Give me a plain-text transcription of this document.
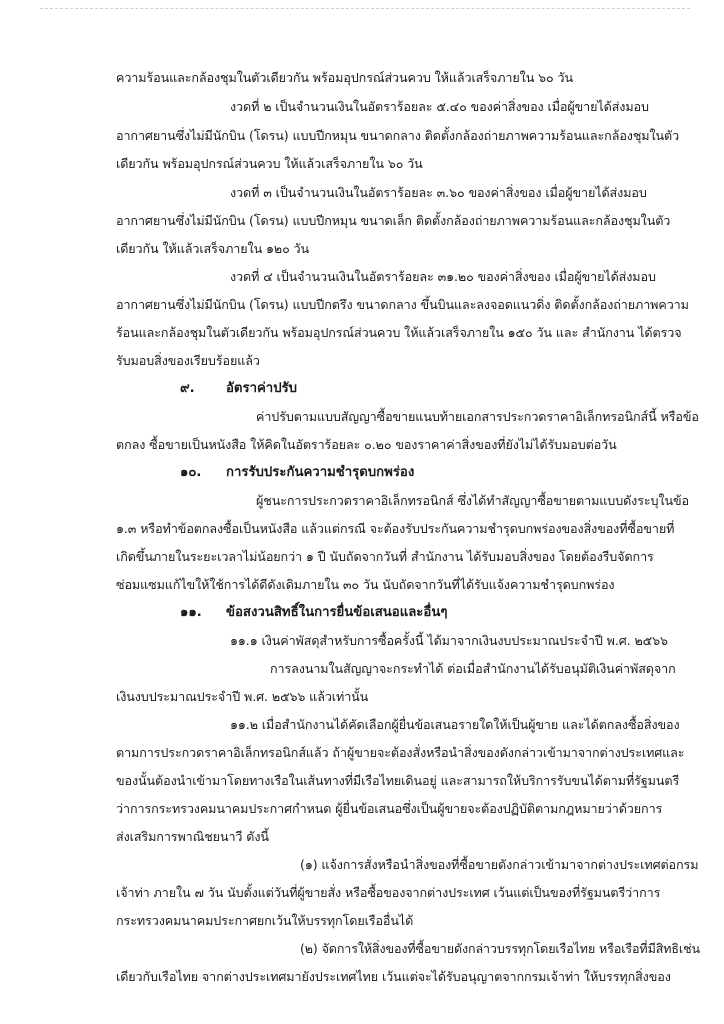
ความร้อนและกล้องชุมในตัวเดียวกัน พร้อมอุปกรณ์ส่วนควบ ให้แล้วเสร็จภายใน ๖๐ วัน
งวดที่ ๒ เป็นจำนวนเงินในอัตราร้อยละ ๕.๔๐ ของค่าสิ่งของ เมื่อผู้ขายได้ส่งมอบ
อากาศยานซึ่งไม่มีนักบิน (โดรน) แบบปีกหมุน ขนาดกลาง ติดตั้งกล้องถ่ายภาพความร้อนและกล้องชุมในตัว
เดียวกัน พร้อมอุปกรณ์ส่วนควบ ให้แล้วเสร็จภายใน ๖๐ วัน
งวดที่ ๓ เป็นจำนวนเงินในอัตราร้อยละ ๓.๖๐ ของค่าสิ่งของ เมื่อผู้ขายได้ส่งมอบ
อากาศยานซึ่งไม่มีนักบิน (โดรน) แบบปีกหมุน ขนาดเล็ก ติดตั้งกล้องถ่ายภาพความร้อนและกล้องชุมในตัว
เดียวกัน ให้แล้วเสร็จภายใน ๑๒๐ วัน
งวดที่ ๔ เป็นจำนวนเงินในอัตราร้อยละ ๓๑.๒๐ ของค่าสิ่งของ เมื่อผู้ขายได้ส่งมอบ
อากาศยานซึ่งไม่มีนักบิน (โดรน) แบบปีกตรึง ขนาดกลาง ขึ้นบินและลงจอดแนวดิ่ง ติดตั้งกล้องถ่ายภาพความ
ร้อนและกล้องชุมในตัวเดียวกัน พร้อมอุปกรณ์ส่วนควบ ให้แล้วเสร็จภายใน ๑๕๐ วัน และ สำนักงาน ได้ตรวจ
รับมอบสิ่งของเรียบร้อยแล้ว
๙. อัตราค่าปรับ
ค่าปรับตามแบบสัญญาซื้อขายแนบท้ายเอกสารประกวดราคาอิเล็กทรอนิกส์นี้ หรือข้อ
ตกลง ซื้อขายเป็นหนังสือ ให้คิดในอัตราร้อยละ ๐.๒๐ ของราคาค่าสิ่งของที่ยังไม่ได้รับมอบต่อวัน
๑๐. การรับประกันความชำรุดบกพร่อง
ผู้ชนะการประกวดราคาอิเล็กทรอนิกส์ ซึ่งได้ทำสัญญาซื้อขายตามแบบดังระบุในข้อ
๑.๓ หรือทำข้อตกลงซื้อเป็นหนังสือ แล้วแต่กรณี จะต้องรับประกันความชำรุดบกพร่องของสิ่งของที่ซื้อขายที่
เกิดขึ้นภายในระยะเวลาไม่น้อยกว่า ๑ ปี นับถัดจากวันที่ สำนักงาน ได้รับมอบสิ่งของ โดยต้องรีบจัดการ
ซ่อมแซมแก้ไขให้ใช้การได้ดีดังเดิมภายใน ๓๐ วัน นับถัดจากวันที่ได้รับแจ้งความชำรุดบกพร่อง
๑๑. ข้อสงวนสิทธิ์ในการยื่นข้อเสนอและอื่นๆ
๑๑.๑ เงินค่าพัสดุสำหรับการซื้อครั้งนี้ ได้มาจากเงินงบประมาณประจำปี พ.ศ. ๒๕๖๖
การลงนามในสัญญาจะกระทำได้ ต่อเมื่อสำนักงานได้รับอนุมัติเงินค่าพัสดุจาก
เงินงบประมาณประจำปี พ.ศ. ๒๕๖๖ แล้วเท่านั้น
๑๑.๒ เมื่อสำนักงานได้คัดเลือกผู้ยื่นข้อเสนอรายใดให้เป็นผู้ขาย และได้ตกลงซื้อสิ่งของ
ตามการประกวดราคาอิเล็กทรอนิกส์แล้ว ถ้าผู้ขายจะต้องสั่งหรือนำสิ่งของดังกล่าวเข้ามาจากต่างประเทศและ
ของนั้นต้องนำเข้ามาโดยทางเรือในเส้นทางที่มีเรือไทยเดินอยู่ และสามารถให้บริการรับขนได้ตามที่รัฐมนตรี
ว่าการกระทรวงคมนาคมประกาศกำหนด ผู้ยื่นข้อเสนอซึ่งเป็นผู้ขายจะต้องปฏิบัติตามกฎหมายว่าด้วยการ
ส่งเสริมการพาณิชยนาวี ดังนี้
(๑) แจ้งการสั่งหรือนำสิ่งของที่ซื้อขายดังกล่าวเข้ามาจากต่างประเทศต่อกรม
เจ้าท่า ภายใน ๗ วัน นับตั้งแต่วันที่ผู้ขายสั่ง หรือซื้อของจากต่างประเทศ เว้นแต่เป็นของที่รัฐมนตรีว่าการ
กระทรวงคมนาคมประกาศยกเว้นให้บรรทุกโดยเรืออื่นได้
(๒) จัดการให้สิ่งของที่ซื้อขายดังกล่าวบรรทุกโดยเรือไทย หรือเรือที่มีสิทธิเช่น
เดียวกับเรือไทย จากต่างประเทศมายังประเทศไทย เว้นแต่จะได้รับอนุญาตจากกรมเจ้าท่า ให้บรรทุกสิ่งของ
